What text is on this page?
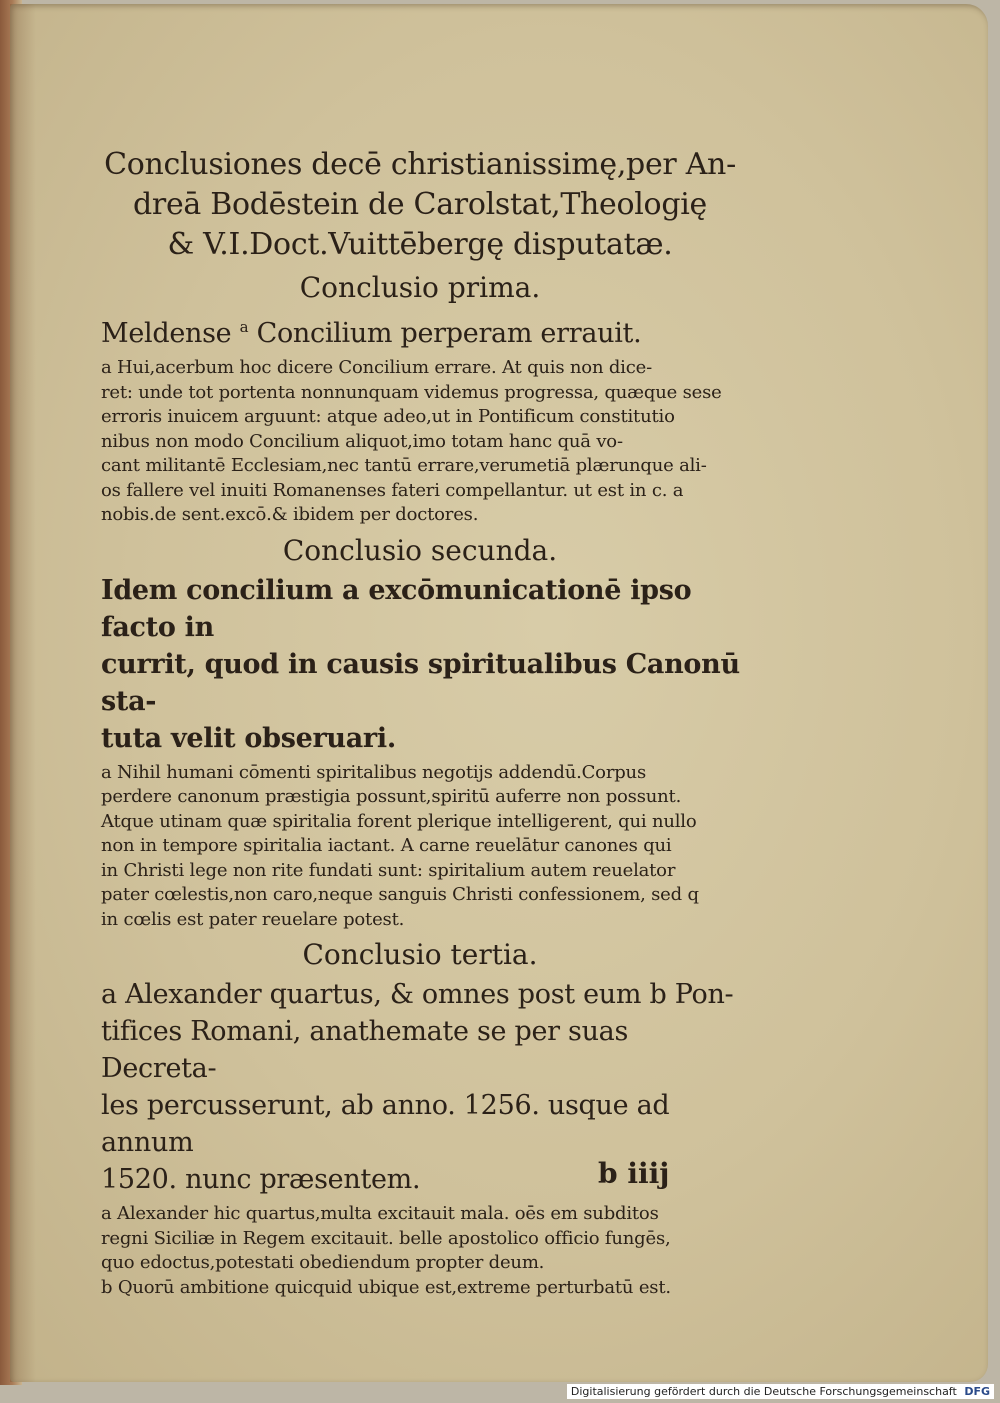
Conclusiones decē christianissimę,per An-
dreā Bodēstein de Carolstat,Theologię
& V.I.Doct.Vuittēbergę disputatæ.
Conclusio prima.
Meldense $^a$ Concilium perperam errauit.
a Hui,acerbum hoc dicere Concilium errare. At quis non dice-
ret: unde tot portenta nonnunquam videmus progressa, quæque sese
erroris inuicem arguunt: atque adeo,ut in Pontificum constitutio
nibus non modo Concilium aliquot,imo totam hanc quā vo-
cant militantē Ecclesiam,nec tantū errare,verumetiā plærunque ali-
os fallere vel inuiti Romanenses fateri compellantur. ut est in c. a
nobis.de sent.excō.& ibidem per doctores.
Conclusio secunda.
Idem concilium a excōmunicationē ipso facto in
currit, quod in causis spiritualibus Canonū sta-
tuta velit obseruari.
a Nihil humani cōmenti spiritalibus negotijs addendū.Corpus
perdere canonum præstigia possunt,spiritū auferre non possunt.
Atque utinam quæ spiritalia forent plerique intelligerent, qui nullo
non in tempore spiritalia iactant. A carne reuelātur canones qui
in Christi lege non rite fundati sunt: spiritalium autem reuelator
pater cœlestis,non caro,neque sanguis Christi confessionem, sed q
in cœlis est pater reuelare potest.
Conclusio tertia.
a Alexander quartus, & omnes post eum b Pon-
tifices Romani, anathemate se per suas Decreta-
les percusserunt, ab anno. 1256. usque ad annum
1520. nunc præsentem.
a Alexander hic quartus,multa excitauit mala. oēs em subditos
regni Siciliæ in Regem excitauit. belle apostolico officio fungēs,
quo edoctus,potestati obediendum propter deum.
b Quorū ambitione quicquid ubique est,extreme perturbatū est.
b iiij
Digitalisierung gefördert durch die Deutsche Forschungsgemeinschaft DFG
